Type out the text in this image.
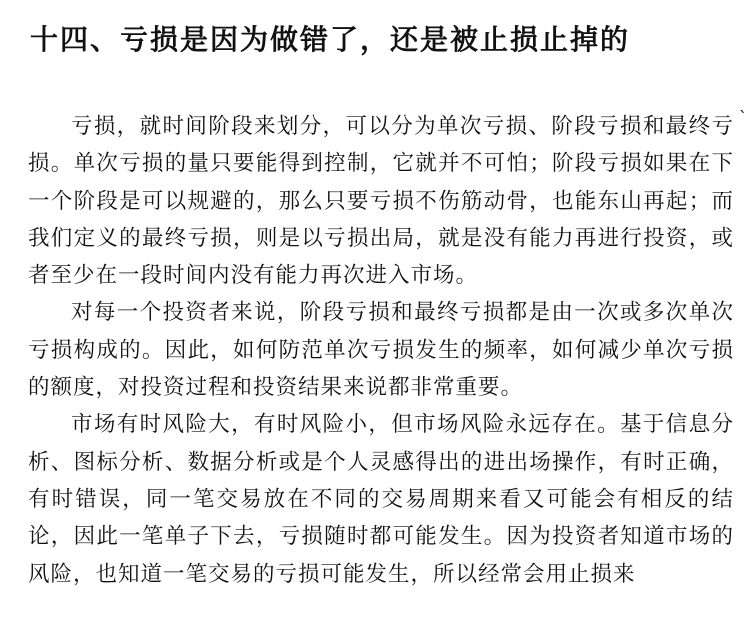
十四、亏损是因为做错了，还是被止损止掉的
`

亏损，就时间阶段来划分，可以分为单次亏损、阶段亏损和最终亏损。单次亏损的量只要能得到控制，它就并不可怕；阶段亏损如果在下一个阶段是可以规避的，那么只要亏损不伤筋动骨，也能东山再起；而我们定义的最终亏损，则是以亏损出局，就是没有能力再进行投资，或者至少在一段时间内没有能力再次进入市场。

对每一个投资者来说，阶段亏损和最终亏损都是由一次或多次单次亏损构成的。因此，如何防范单次亏损发生的频率，如何减少单次亏损的额度，对投资过程和投资结果来说都非常重要。

市场有时风险大，有时风险小，但市场风险永远存在。基于信息分析、图标分析、数据分析或是个人灵感得出的进出场操作，有时正确，有时错误，同一笔交易放在不同的交易周期来看又可能会有相反的结论，因此一笔单子下去，亏损随时都可能发生。因为投资者知道市场的风险，也知道一笔交易的亏损可能发生，所以经常会用止损来
